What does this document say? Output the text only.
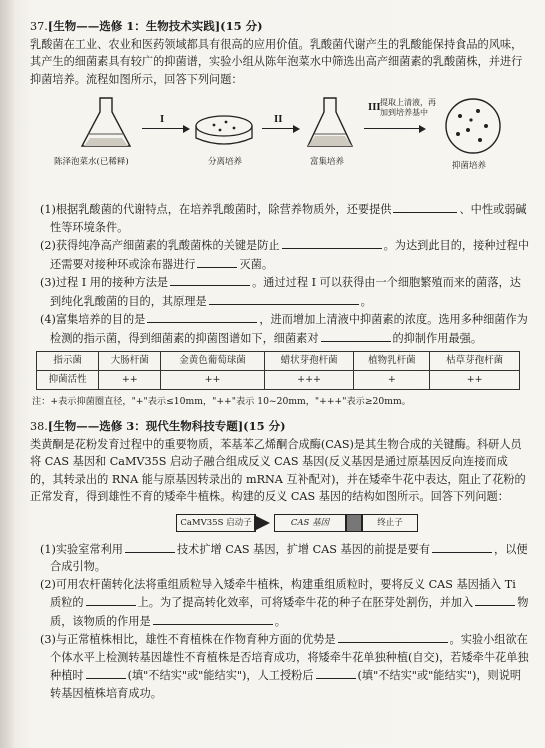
37.[生物——选修 1：生物技术实践](15 分)
乳酸菌在工业、农业和医药领域都具有很高的应用价值。乳酸菌代谢产生的乳酸能保持食品的风味，其产生的细菌素具有较广的抑菌谱，实验小组从陈年泡菜水中筛选出高产细菌素的乳酸菌株，并进行抑菌培养。流程如图所示，回答下列问题：
陈泽泡菜水(已稀释)
I
分离培养
II
富集培养
III
提取上清液，再加到培养基中
抑菌培养
(1)根据乳酸菌的代谢特点，在培养乳酸菌时，除营养物质外，还要提供	、中性或弱碱性等环境条件。
(2)获得纯净高产细菌素的乳酸菌株的关键是防止	。为达到此目的，接种过程中还需要对接种环或涂布器进行	灭菌。
(3)过程 I 用的接种方法是	。通过过程 I 可以获得由一个细胞繁殖而来的菌落，达到纯化乳酸菌的目的，其原理是	。
(4)富集培养的目的是	，进而增加上清液中抑菌素的浓度。选用多种细菌作为检测的指示菌，得到细菌素的抑菌图谱如下，细菌素对	的抑制作用最强。
指示菌	大肠杆菌	金黄色葡萄球菌	蜡状芽孢杆菌	植物乳杆菌	枯草芽孢杆菌
抑菌活性	++	++	+++	+	++
注：+表示抑菌圈直径，"+"表示≤10mm，"++"表示 10~20mm，"+++"表示≥20mm。
38.[生物——选修 3：现代生物科技专题](15 分)
类黄酮是花粉发育过程中的重要物质，苯基苯乙烯酮合成酶(CAS)是其生物合成的关键酶。科研人员将 CAS 基因和 CaMV35S 启动子融合组成反义 CAS 基因(反义基因是通过原基因反向连接而成的，其转录出的 RNA 能与原基因转录出的 mRNA 互补配对)，并在矮牵牛花中表达，阻止了花粉的正常发育，得到雄性不育的矮牵牛植株。构建的反义 CAS 基因的结构如图所示。回答下列问题：
CaMV35S 启动子	CAS 基因	终止子
(1)实验室常利用	技术扩增 CAS 基因，扩增 CAS 基因的前提是要有	，以便合成引物。
(2)可用农杆菌转化法将重组质粒导入矮牵牛植株，构建重组质粒时，要将反义 CAS 基因插入 Ti 质粒的	上。为了提高转化效率，可将矮牵牛花的种子在胚芽处割伤，并加入	物质，该物质的作用是	。
(3)与正常植株相比，雄性不育植株在作物育种方面的优势是	。实验小组欲在个体水平上检测转基因雄性不育植株是否培育成功，将矮牵牛花单独种植(自交)，若矮牵牛花单独种植时	(填"不结实"或"能结实")，人工授粉后	(填"不结实"或"能结实")，则说明转基因植株培育成功。
